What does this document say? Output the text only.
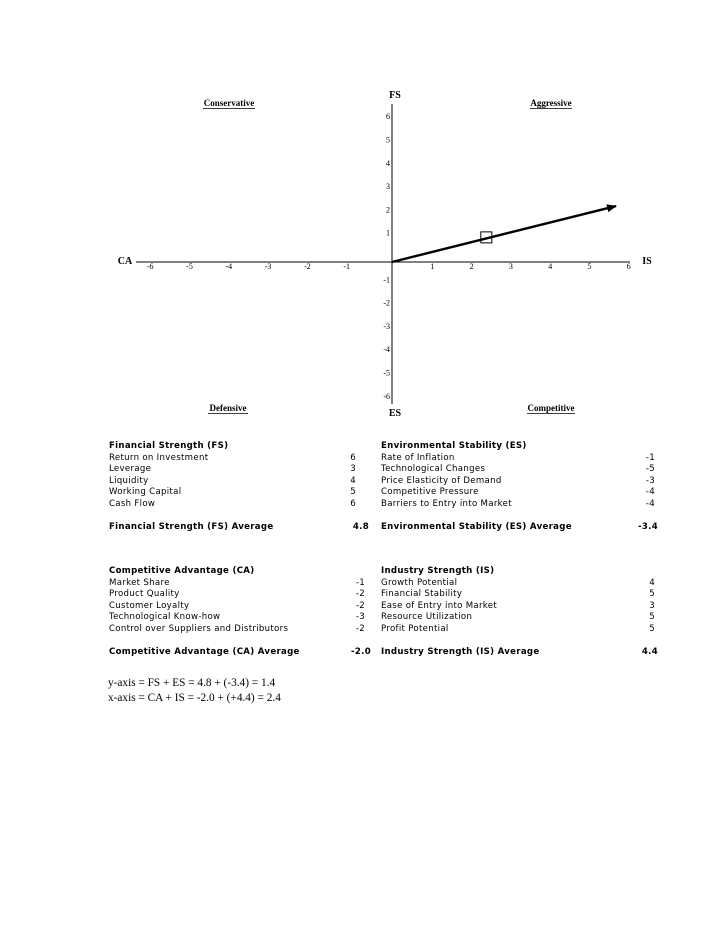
Conservative	Aggressive
Defensive	Competitive
FS
ES
CA	IS
-6	-5	-4	-3	-2	-1	1	2	3	4	5	6
6
5
4
3
2
1
-1
-2
-3
-4
-5
-6
Financial Strength (FS)
Return on Investment	6
Leverage	3
Liquidity	4
Working Capital	5
Cash Flow	6
Financial Strength (FS) Average	4.8
Environmental Stability (ES)
Rate of Inflation	-1
Technological Changes	-5
Price Elasticity of Demand	-3
Competitive Pressure	-4
Barriers to Entry into Market	-4
Environmental Stability (ES) Average	-3.4
Competitive Advantage (CA)
Market Share	-1
Product Quality	-2
Customer Loyalty	-2
Technological Know-how	-3
Control over Suppliers and Distributors	-2
Competitive Advantage (CA) Average	-2.0
Industry Strength (IS)
Growth Potential	4
Financial Stability	5
Ease of Entry into Market	3
Resource Utilization	5
Profit Potential	5
Industry Strength (IS) Average	4.4
y-axis = FS + ES = 4.8 + (-3.4) = 1.4
x-axis = CA + IS = -2.0 + (+4.4) = 2.4
